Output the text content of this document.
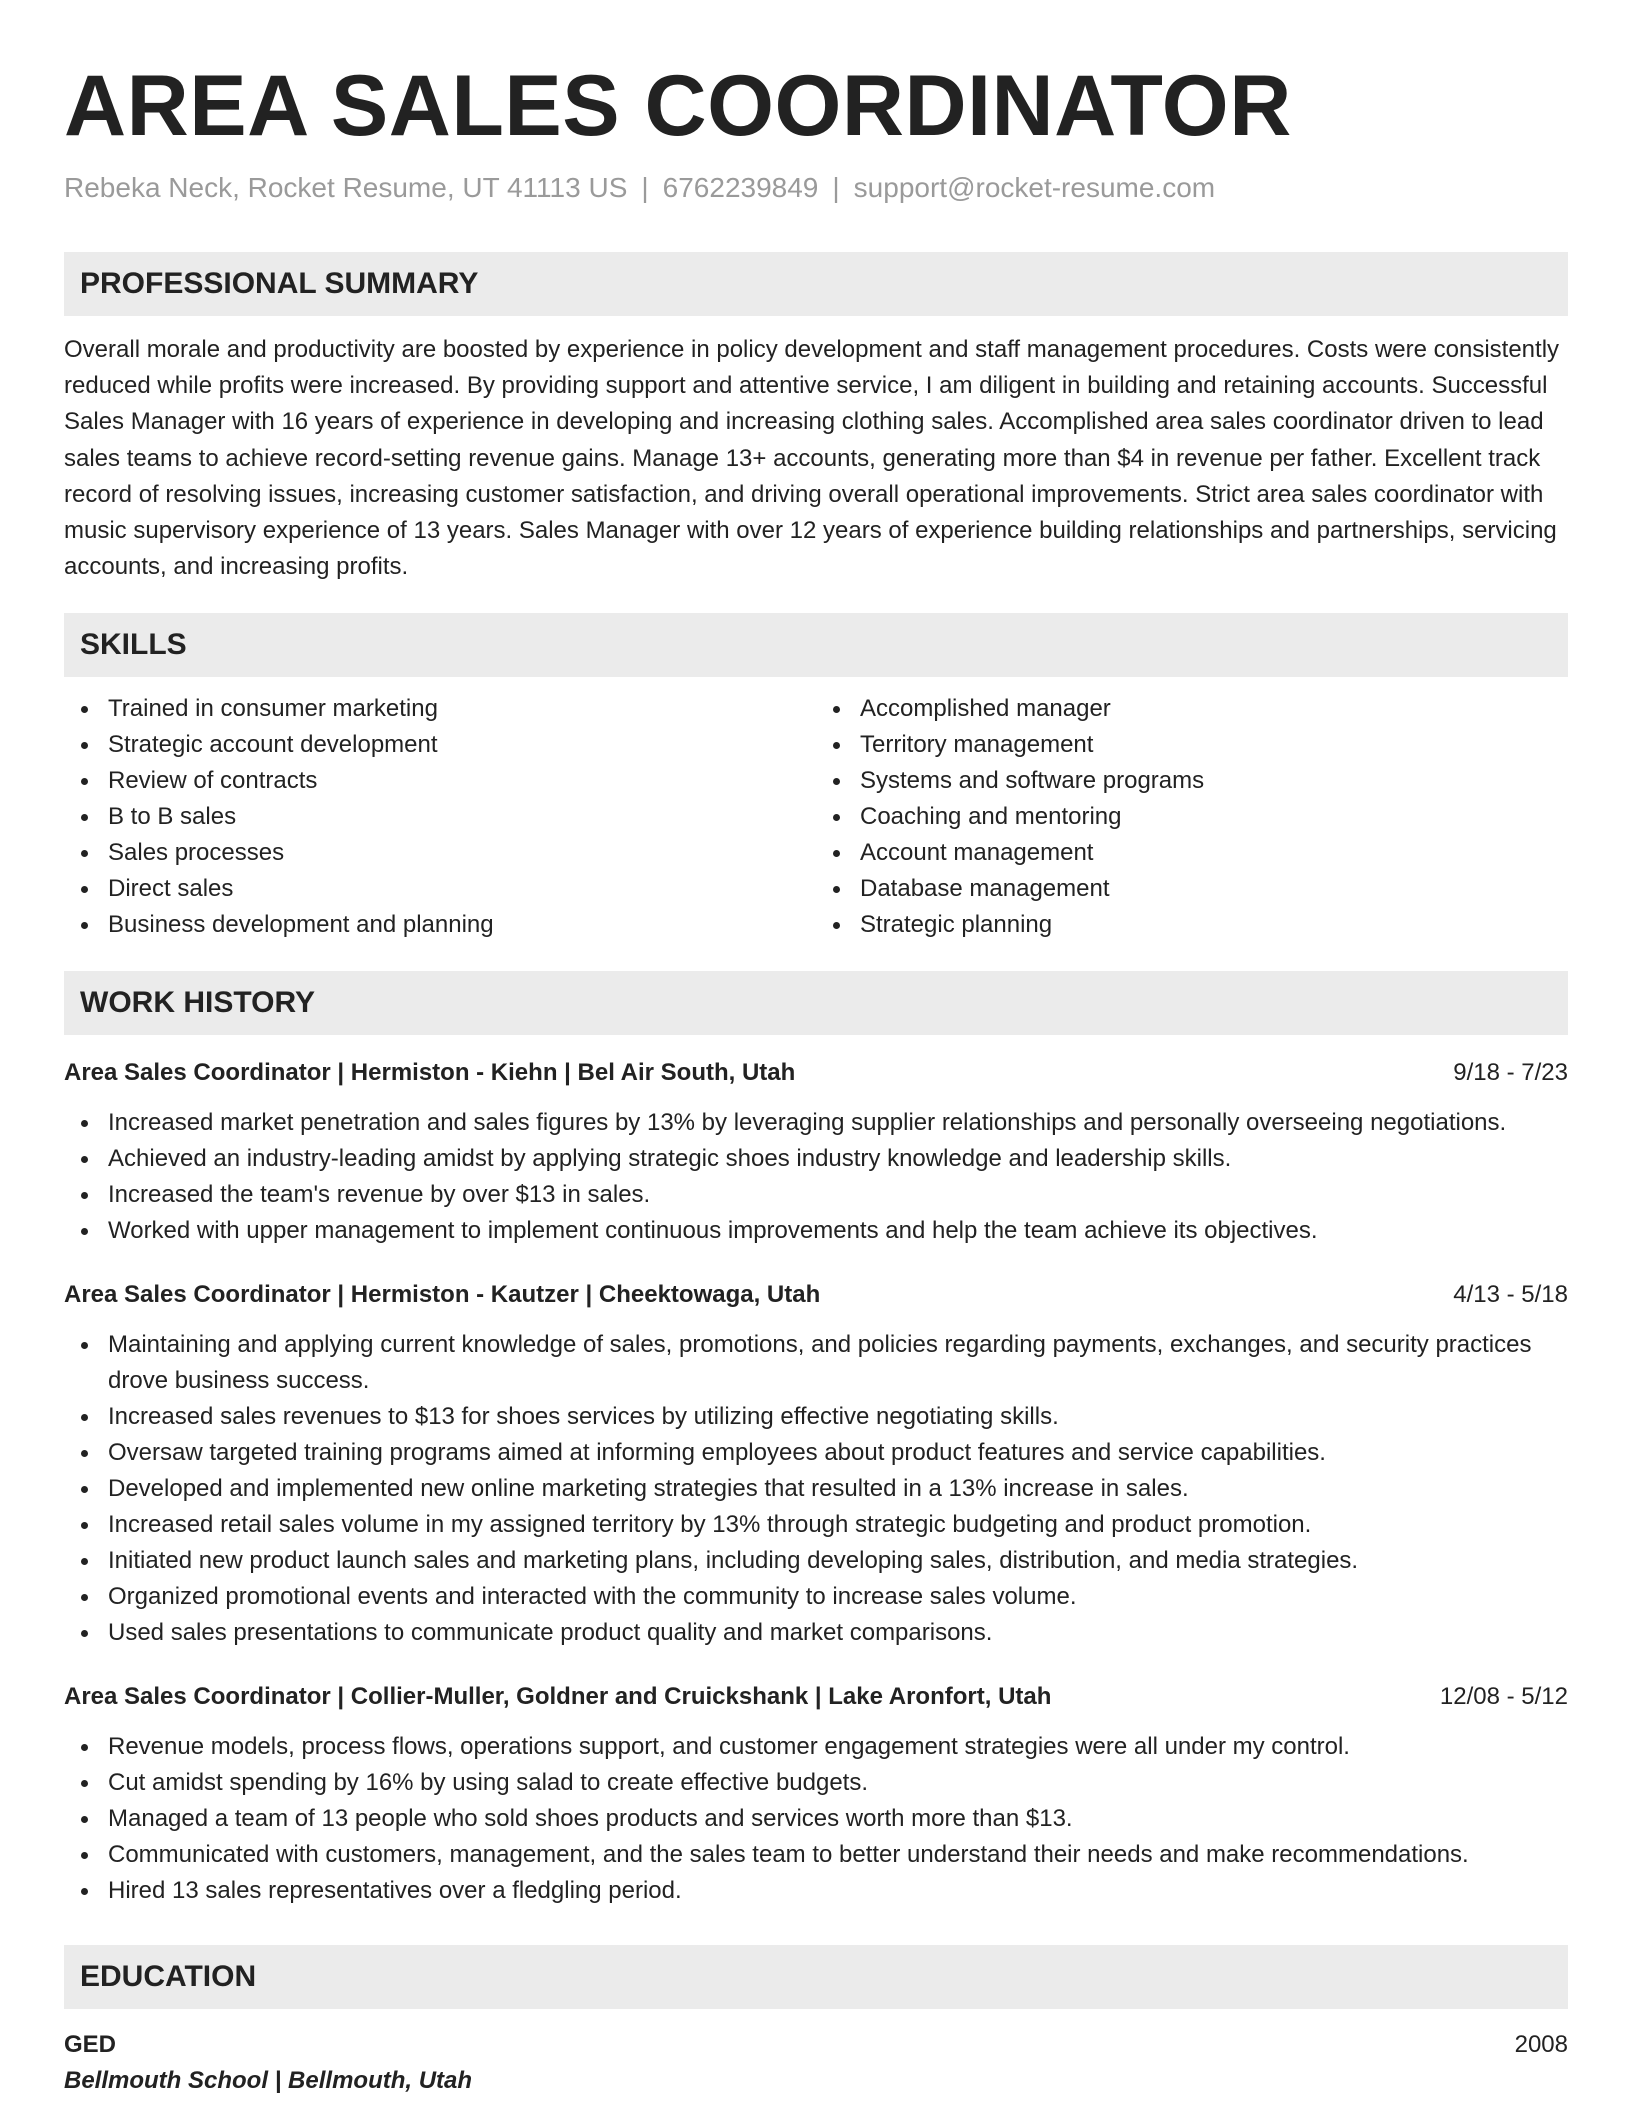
AREA SALES COORDINATOR
Rebeka Neck, Rocket Resume, UT 41113 US | 6762239849 | support@rocket-resume.com
PROFESSIONAL SUMMARY
Overall morale and productivity are boosted by experience in policy development and staff management procedures. Costs were consistently reduced while profits were increased. By providing support and attentive service, I am diligent in building and retaining accounts. Successful Sales Manager with 16 years of experience in developing and increasing clothing sales. Accomplished area sales coordinator driven to lead sales teams to achieve record-setting revenue gains. Manage 13+ accounts, generating more than $4 in revenue per father. Excellent track record of resolving issues, increasing customer satisfaction, and driving overall operational improvements. Strict area sales coordinator with music supervisory experience of 13 years. Sales Manager with over 12 years of experience building relationships and partnerships, servicing accounts, and increasing profits.
SKILLS
Trained in consumer marketing
Strategic account development
Review of contracts
B to B sales
Sales processes
Direct sales
Business development and planning
Accomplished manager
Territory management
Systems and software programs
Coaching and mentoring
Account management
Database management
Strategic planning
WORK HISTORY
Area Sales Coordinator | Hermiston - Kiehn | Bel Air South, Utah	9/18 - 7/23
Increased market penetration and sales figures by 13% by leveraging supplier relationships and personally overseeing negotiations.
Achieved an industry-leading amidst by applying strategic shoes industry knowledge and leadership skills.
Increased the team's revenue by over $13 in sales.
Worked with upper management to implement continuous improvements and help the team achieve its objectives.
Area Sales Coordinator | Hermiston - Kautzer | Cheektowaga, Utah	4/13 - 5/18
Maintaining and applying current knowledge of sales, promotions, and policies regarding payments, exchanges, and security practices drove business success.
Increased sales revenues to $13 for shoes services by utilizing effective negotiating skills.
Oversaw targeted training programs aimed at informing employees about product features and service capabilities.
Developed and implemented new online marketing strategies that resulted in a 13% increase in sales.
Increased retail sales volume in my assigned territory by 13% through strategic budgeting and product promotion.
Initiated new product launch sales and marketing plans, including developing sales, distribution, and media strategies.
Organized promotional events and interacted with the community to increase sales volume.
Used sales presentations to communicate product quality and market comparisons.
Area Sales Coordinator | Collier-Muller, Goldner and Cruickshank | Lake Aronfort, Utah	12/08 - 5/12
Revenue models, process flows, operations support, and customer engagement strategies were all under my control.
Cut amidst spending by 16% by using salad to create effective budgets.
Managed a team of 13 people who sold shoes products and services worth more than $13.
Communicated with customers, management, and the sales team to better understand their needs and make recommendations.
Hired 13 sales representatives over a fledgling period.
EDUCATION
GED	2008
Bellmouth School | Bellmouth, Utah
